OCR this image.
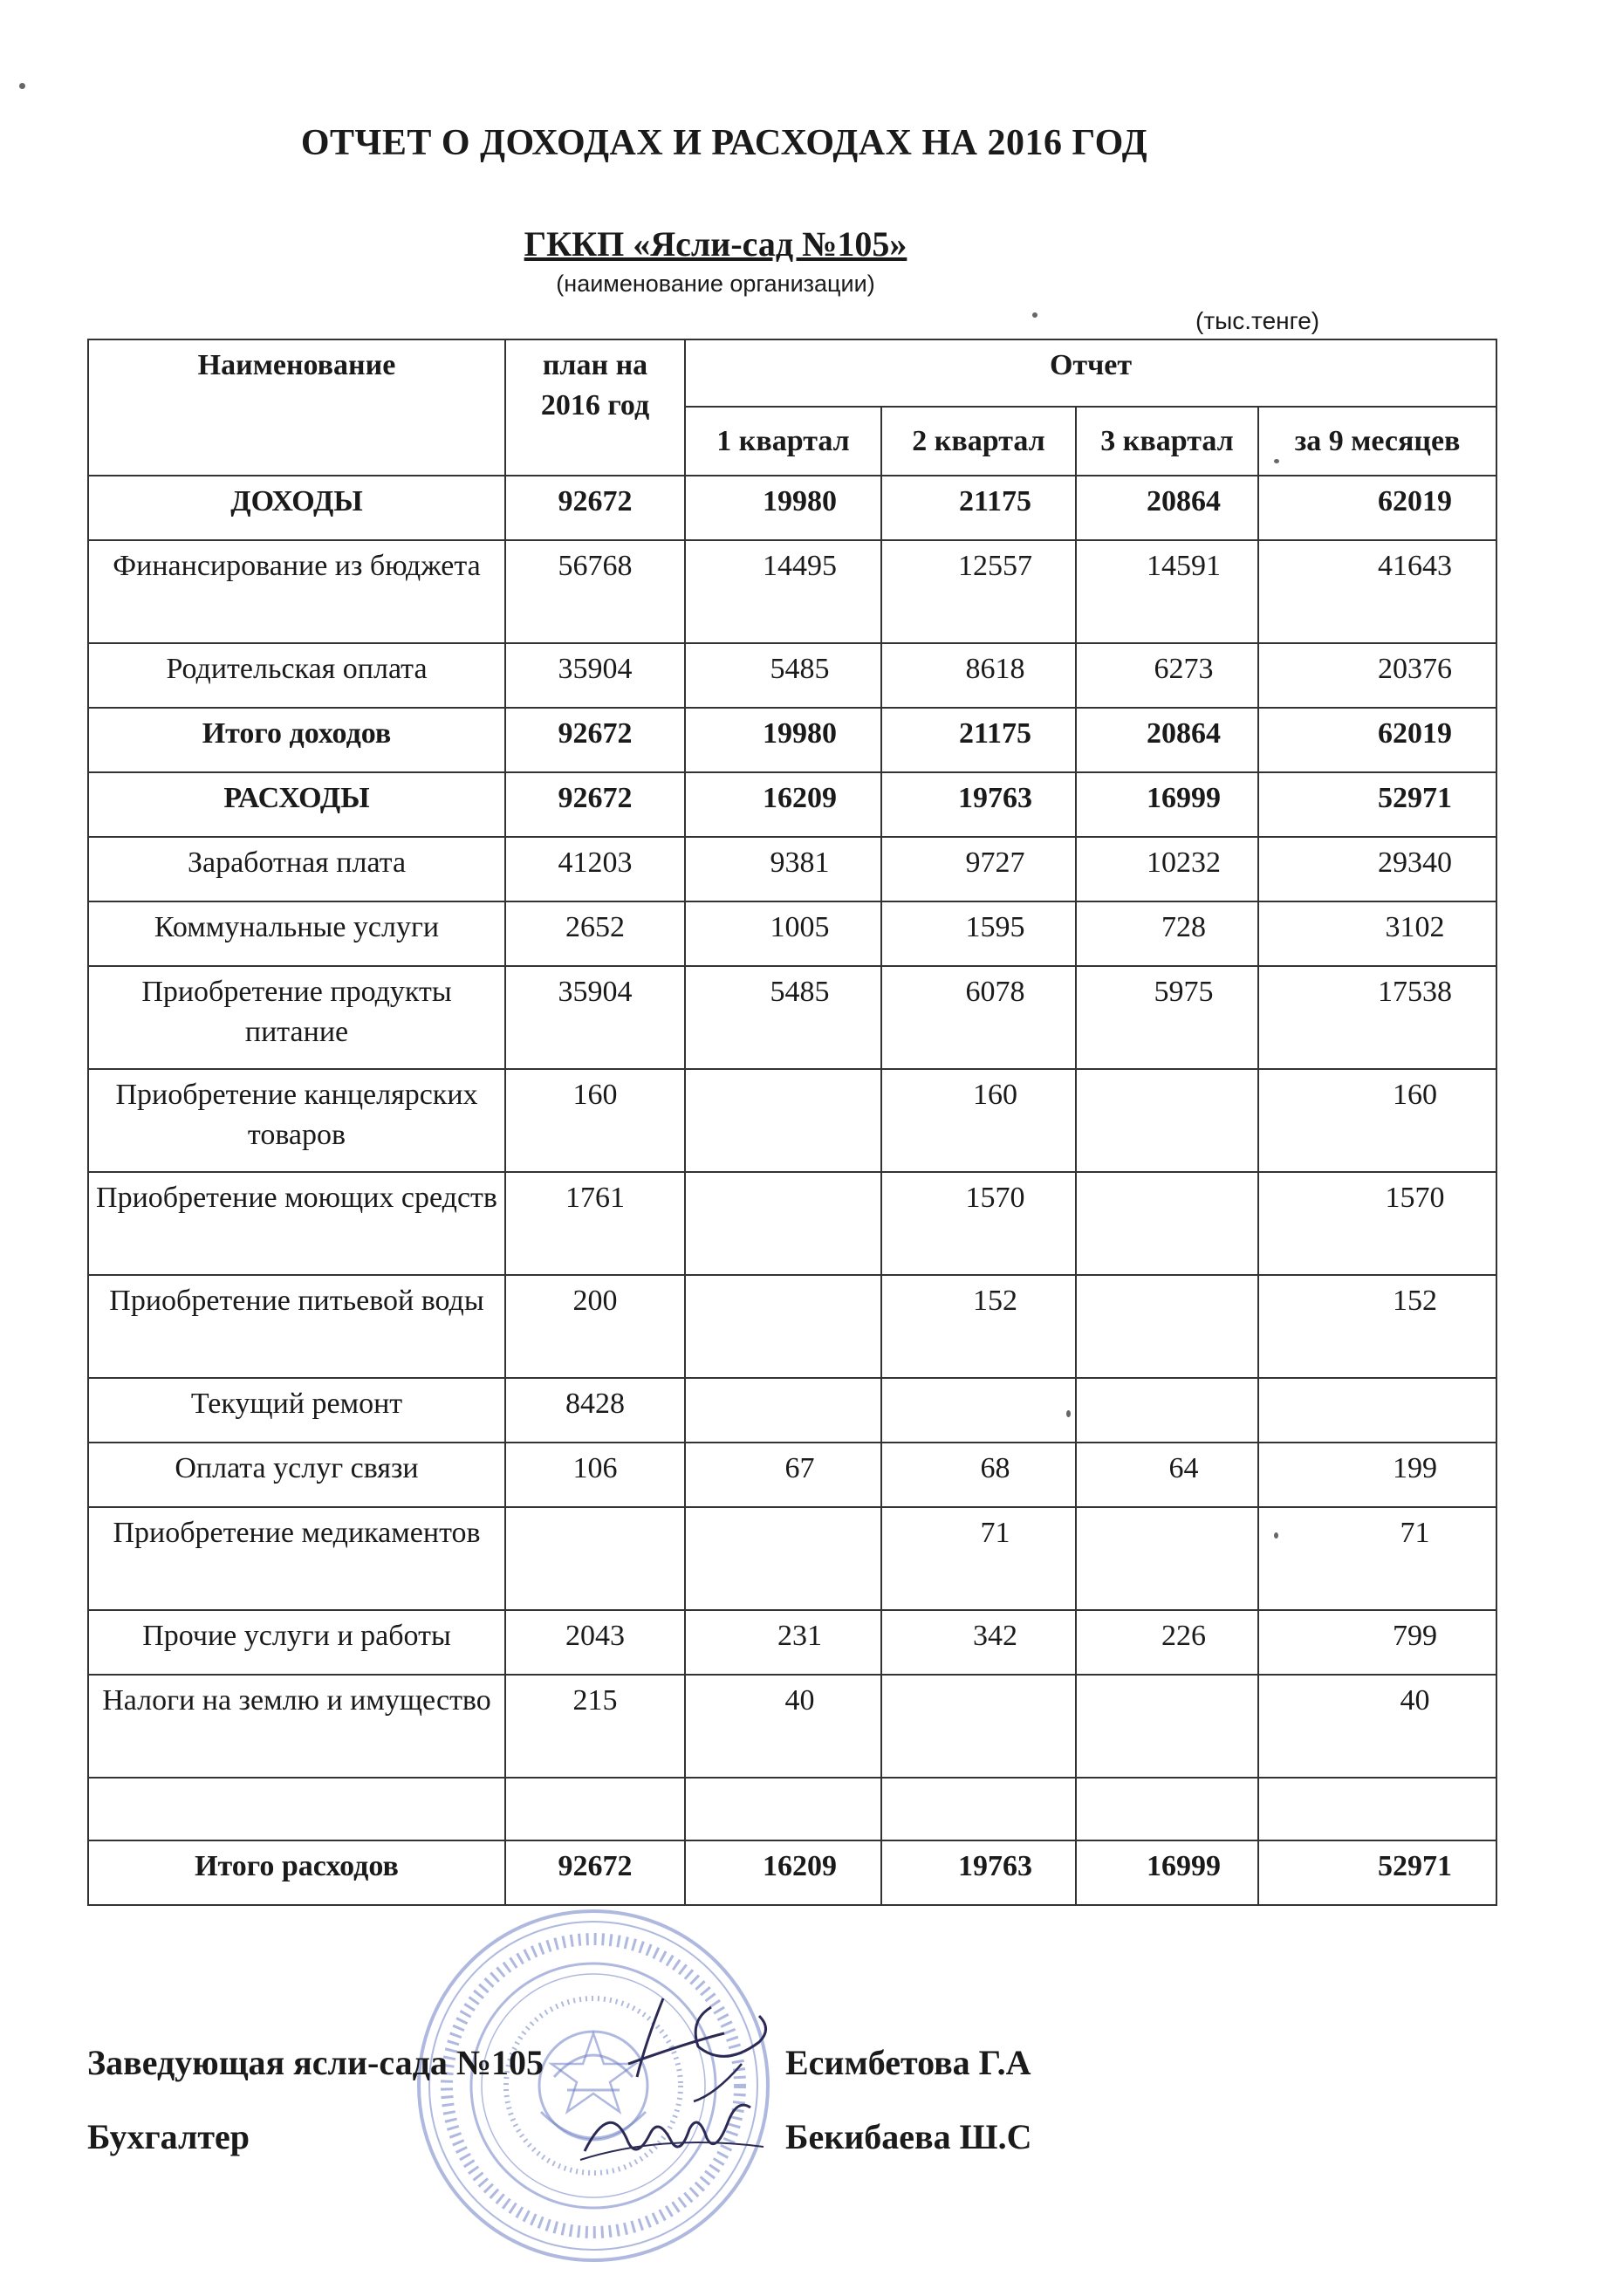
ОТЧЕТ О ДОХОДАХ И РАСХОДАХ НА 2016 ГОД
ГККП «Ясли-сад №105»
(наименование организации)
(тыс.тенге)
Наименование	план на 2016 год	Отчет			
		1 квартал	2 квартал	3 квартал	за 9 месяцев
ДОХОДЫ	92672	19980	21175	20864	62019
Финансирование из бюджета	56768	14495	12557	14591	41643
Родительская оплата	35904	5485	8618	6273	20376
Итого доходов	92672	19980	21175	20864	62019
РАСХОДЫ	92672	16209	19763	16999	52971
Заработная плата	41203	9381	9727	10232	29340
Коммунальные услуги	2652	1005	1595	728	3102
Приобретение продукты питание	35904	5485	6078	5975	17538
Приобретение канцелярских товаров	160		160		160
Приобретение моющих средств	1761		1570		1570
Приобретение питьевой воды	200		152		152
Текущий ремонт	8428				
Оплата услуг связи	106	67	68	64	199
Приобретение медикаментов			71		71
Прочие услуги и работы	2043	231	342	226	799
Налоги на землю и имущество	215	40			40

Итого расходов	92672	16209	19763	16999	52971
Заведующая ясли-сада №105	Есимбетова Г.А
Бухгалтер	Бекибаева Ш.С
